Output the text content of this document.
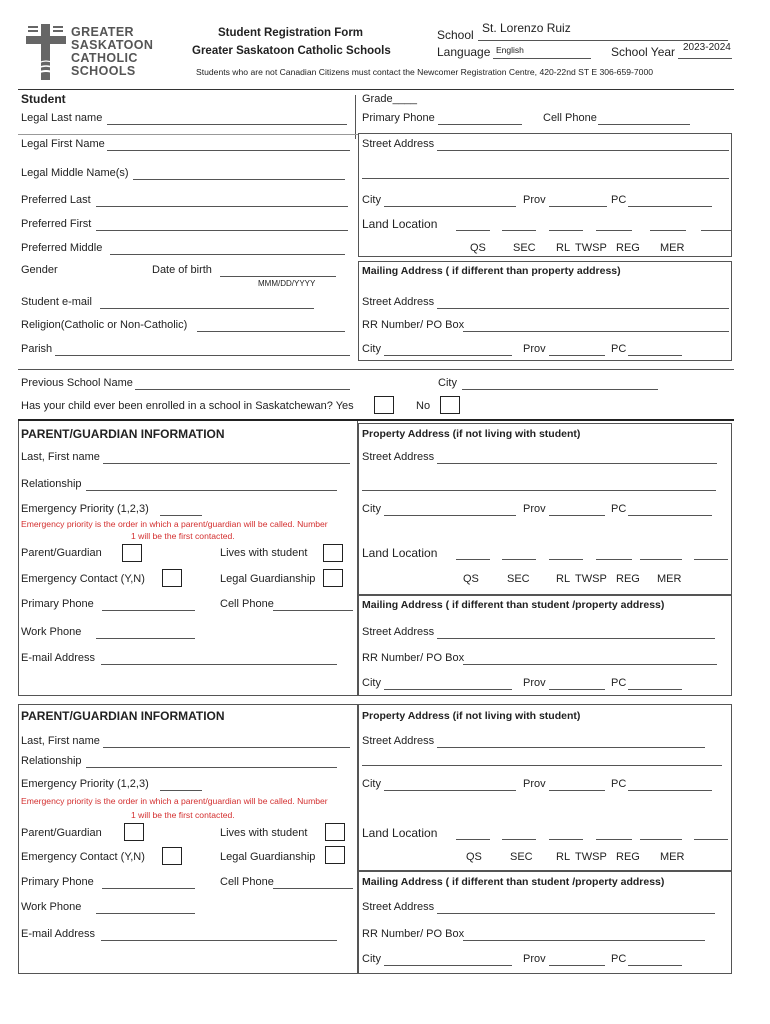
GREATER
SASKATOON
CATHOLIC
SCHOOLS
Student Registration Form
Greater Saskatoon Catholic Schools
School St. Lorenzo Ruiz
Language English	School Year 2023-2024
Students who are not Canadian Citizens must contact the Newcomer Registration Centre, 420-22nd ST E 306-659-7000
Student
Legal Last name
Legal First Name
Legal Middle Name(s)
Preferred Last
Preferred First
Preferred Middle
Gender	Date of birth
MMM/DD/YYYY
Student e-mail
Religion(Catholic or Non-Catholic)
Parish
Grade____
Primary Phone	Cell Phone
Street Address
City	Prov	PC
Land Location
QS SEC RL TWSP REG MER
Mailing Address ( if different than property address)
Street Address
RR Number/ PO Box
City	Prov	PC
Previous School Name	City
Has your child ever been enrolled in a school in Saskatchewan? Yes	No
PARENT/GUARDIAN INFORMATION
Last, First name
Relationship
Emergency Priority (1,2,3)
Emergency priority is the order in which a parent/guardian will be called. Number
1 will be the first contacted.
Parent/Guardian	Lives with student
Emergency Contact (Y,N)	Legal Guardianship
Primary Phone	Cell Phone
Work Phone
E-mail Address
Property Address (if not living with student)
Street Address
City	Prov	PC
Land Location
QS	SEC RL TWSP REG MER
Mailing Address ( if different than student /property address)
Street Address
RR Number/ PO Box
City	Prov	PC
PARENT/GUARDIAN INFORMATION
Last, First name
Relationship
Emergency Priority (1,2,3)
Emergency priority is the order in which a parent/guardian will be called. Number
1 will be the first contacted.
Parent/Guardian	Lives with student
Emergency Contact (Y,N)	Legal Guardianship
Primary Phone	Cell Phone
Work Phone
E-mail Address
Property Address (if not living with student)
Street Address
City	Prov	PC
Land Location
QS	SEC RL TWSP REG MER
Mailing Address ( if different than student /property address)
Street Address
RR Number/ PO Box
City	Prov	PC
